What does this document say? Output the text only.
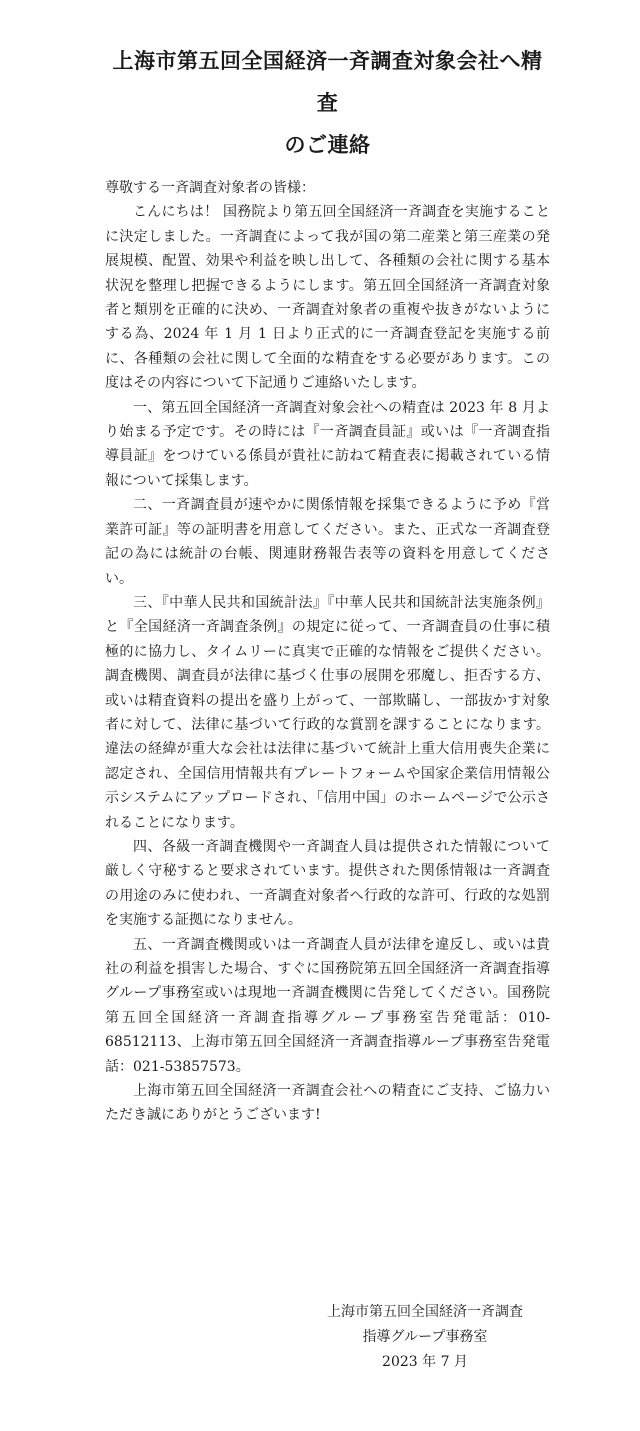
上海市第五回全国経済一斉調査対象会社へ精査
のご連絡

尊敬する一斉調査対象者の皆様：

こんにちは！ 国務院より第五回全国経済一斉調査を実施することに決定しました。一斉調査によって我が国の第二産業と第三産業の発展規模、配置、効果や利益を映し出して、各種類の会社に関する基本状況を整理し把握できるようにします。第五回全国経済一斉調査対象者と類別を正確的に決め、一斉調査対象者の重複や抜きがないようにする為、2024 年 1 月 1 日より正式的に一斉調査登記を実施する前に、各種類の会社に関して全面的な精査をする必要があります。この度はその内容について下記通りご連絡いたします。

一、第五回全国経済一斉調査対象会社への精査は 2023 年 8 月より始まる予定です。その時には『一斉調査員証』或いは『一斉調査指導員証』をつけている係員が貴社に訪ねて精査表に掲載されている情報について採集します。

二、一斉調査員が速やかに関係情報を採集できるように予め『営業許可証』等の証明書を用意してください。また、正式な一斉調査登記の為には統計の台帳、関連財務報告表等の資料を用意してください。

三、『中華人民共和国統計法』『中華人民共和国統計法実施条例』と『全国経済一斉調査条例』の規定に従って、一斉調査員の仕事に積極的に協力し、タイムリーに真実で正確的な情報をご提供ください。調査機関、調査員が法律に基づく仕事の展開を邪魔し、拒否する方、或いは精査資料の提出を盛り上がって、一部欺瞞し、一部抜かす対象者に対して、法律に基づいて行政的な賞罰を課することになります。違法の経緯が重大な会社は法律に基づいて統計上重大信用喪失企業に認定され、全国信用情報共有プレートフォームや国家企業信用情報公示システムにアップロードされ、「信用中国」のホームページで公示されることになります。

四、各級一斉調査機関や一斉調査人員は提供された情報について厳しく守秘すると要求されています。提供された関係情報は一斉調査の用途のみに使われ、一斉調査対象者へ行政的な許可、行政的な処罰を実施する証拠になりません。

五、一斉調査機関或いは一斉調査人員が法律を違反し、或いは貴社の利益を損害した場合、すぐに国務院第五回全国経済一斉調査指導グループ事務室或いは現地一斉調査機関に告発してください。国務院第五回全国経済一斉調査指導グループ事務室告発電話：010-68512113、上海市第五回全国経済一斉調査指導ループ事務室告発電話：021-53857573。

上海市第五回全国経済一斉調査会社への精査にご支持、ご協力いただき誠にありがとうございます!

上海市第五回全国経済一斉調査
指導グループ事務室
2023 年 7 月
